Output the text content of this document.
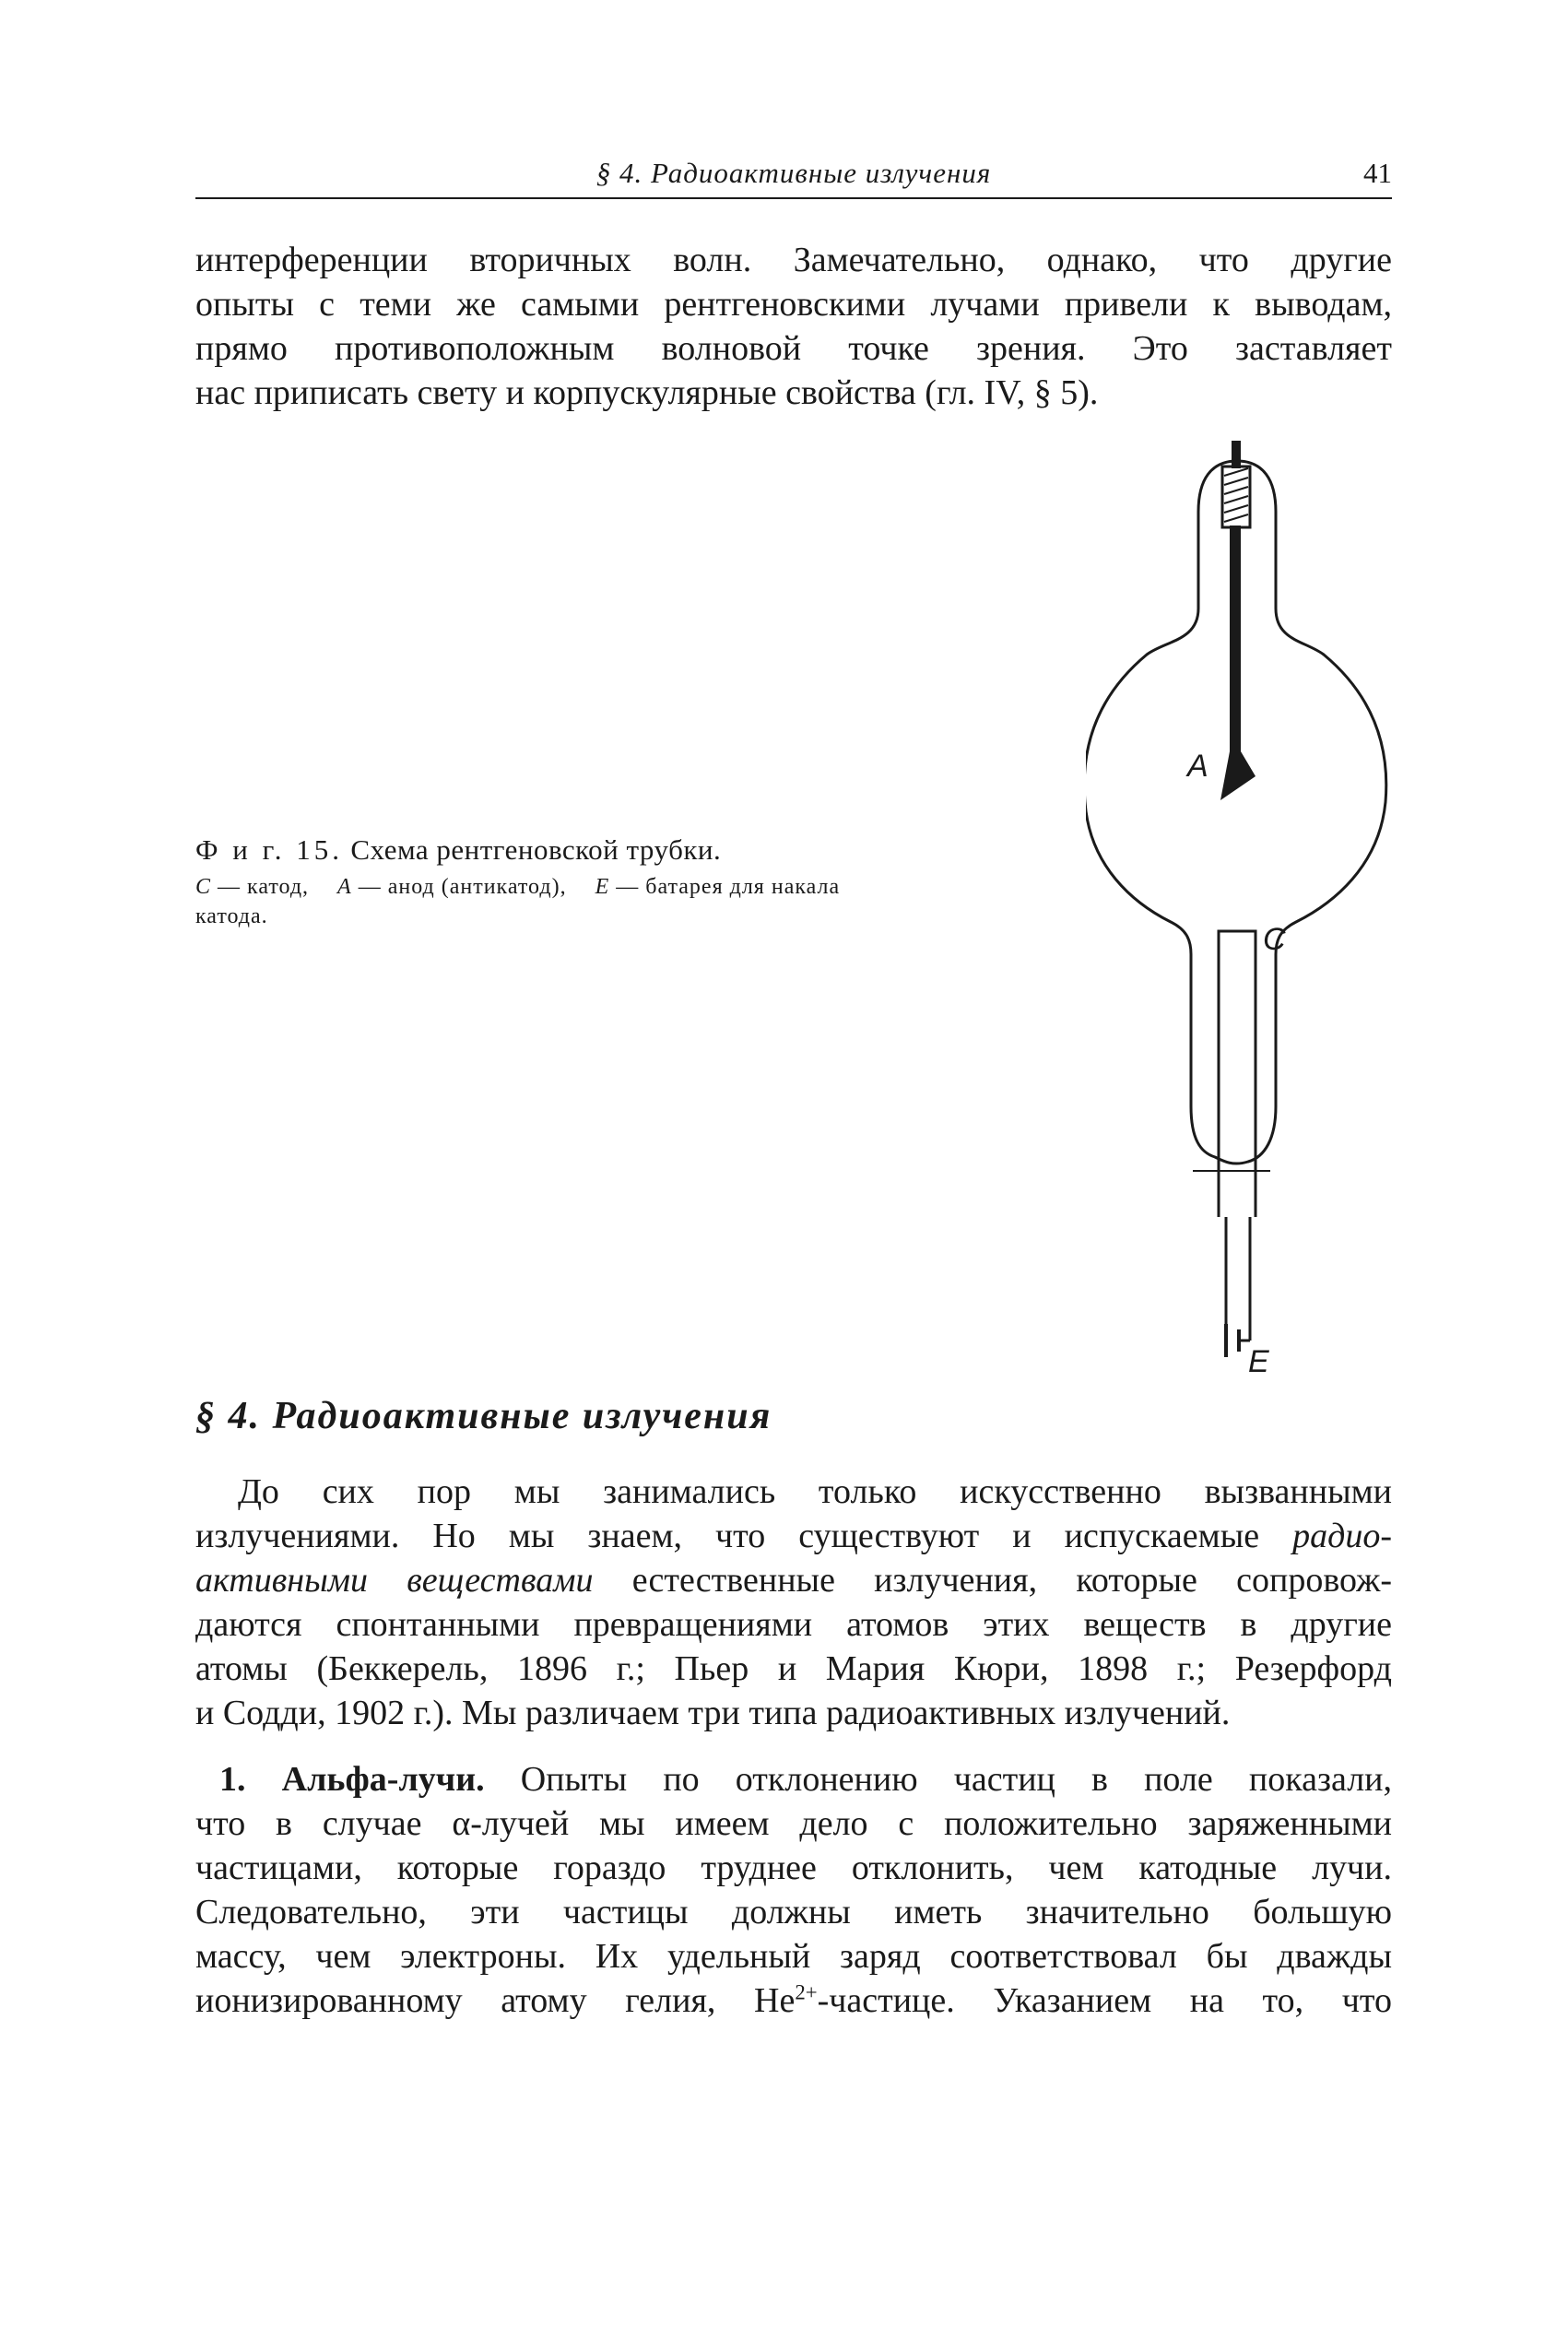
§ 4. Радиоактивные излучения	41
интерференции вторичных волн. Замечательно, однако, что другие
опыты с теми же самыми рентгеновскими лучами привели к выводам,
прямо противоположным волновой точке зрения. Это заставляет
нас приписать свету и корпускулярные свойства (гл. IV, § 5).
Ф и г. 15. Схема рентгеновской трубки.
C — катод, A — анод (антикатод), E — батарея для накала
катода.
A
C
E
§ 4. Радиоактивные излучения
До сих пор мы занимались только искусственно вызванными
излучениями. Но мы знаем, что существуют и испускаемые радио-
активными веществами естественные излучения, которые сопровож-
даются спонтанными превращениями атомов этих веществ в другие
атомы (Беккерель, 1896 г.; Пьер и Мария Кюри, 1898 г.; Резерфорд
и Содди, 1902 г.). Мы различаем три типа радиоактивных излучений.
1. Альфа-лучи. Опыты по отклонению частиц в поле показали,
что в случае α-лучей мы имеем дело с положительно заряженными
частицами, которые гораздо труднее отклонить, чем катодные лучи.
Следовательно, эти частицы должны иметь значительно большую
массу, чем электроны. Их удельный заряд соответствовал бы дважды
ионизированному атому гелия, $He^{2+}$-частице. Указанием на то, что
